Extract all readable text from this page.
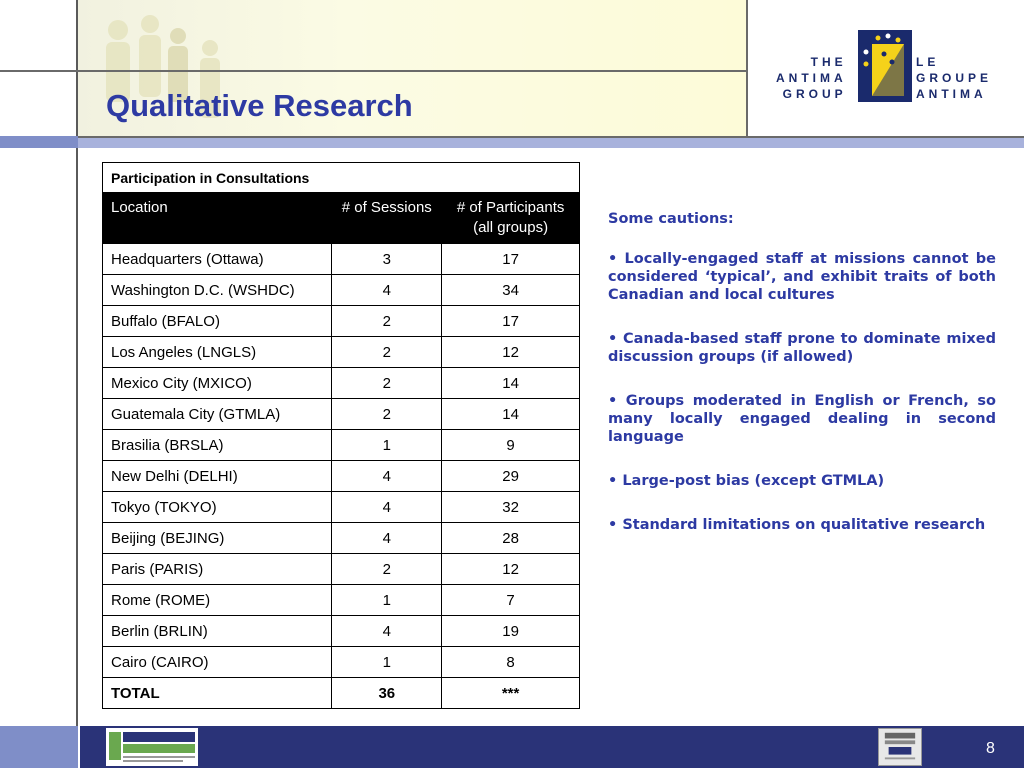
Qualitative Research
THE
ANTIMA
GROUP
LE
GROUPE
ANTIMA
Participation in Consultations		
Location	# of Sessions	# of Participants (all groups)
Headquarters (Ottawa)	3	17
Washington D.C. (WSHDC)	4	34
Buffalo (BFALO)	2	17
Los Angeles (LNGLS)	2	12
Mexico City (MXICO)	2	14
Guatemala City (GTMLA)	2	14
Brasilia (BRSLA)	1	9
New Delhi (DELHI)	4	29
Tokyo (TOKYO)	4	32
Beijing (BEJING)	4	28
Paris (PARIS)	2	12
Rome (ROME)	1	7
Berlin (BRLIN)	4	19
Cairo (CAIRO)	1	8
TOTAL	36	***
Some cautions:
• Locally-engaged staff at missions cannot be considered ‘typical’, and exhibit traits of both Canadian and local cultures
• Canada-based staff prone to dominate mixed discussion groups (if allowed)
• Groups moderated in English or French, so many locally engaged dealing in second language
• Large-post bias (except GTMLA)
• Standard limitations on qualitative research
8
